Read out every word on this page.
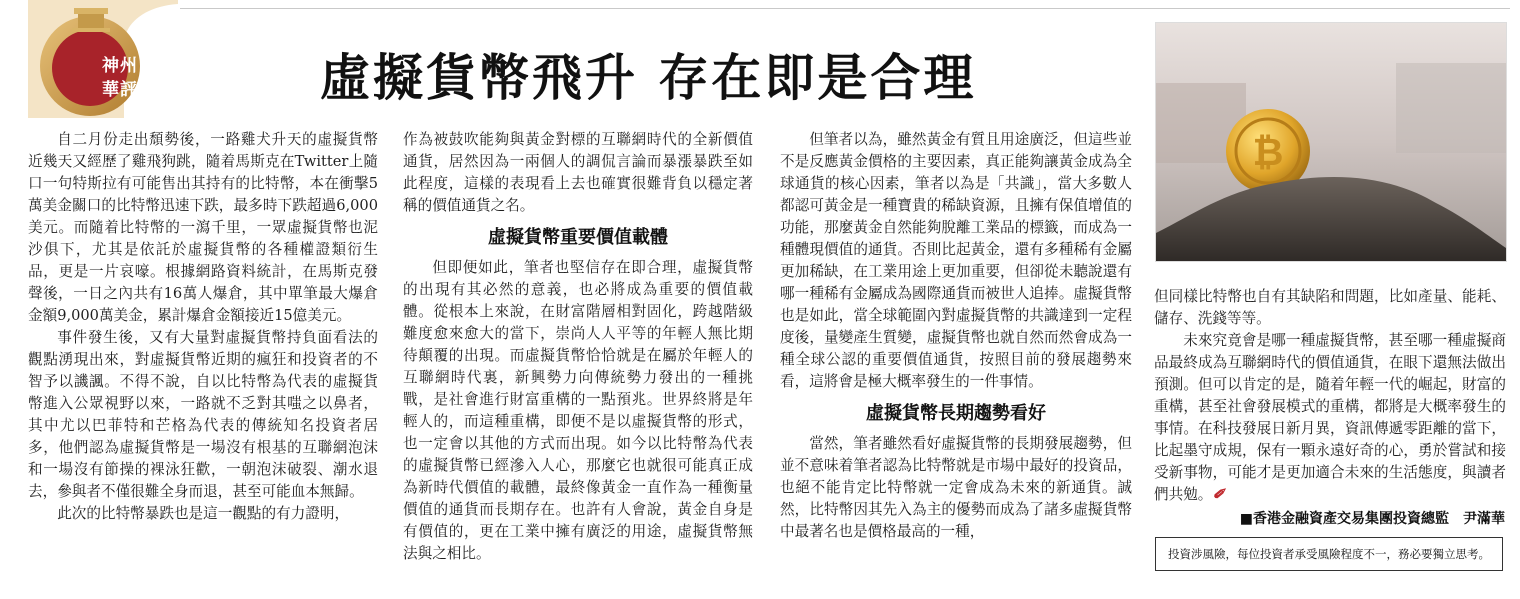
神州
華評	虛擬貨幣飛升 存在即是合理

自二月份走出頹勢後，一路雞犬升天的虛擬貨幣近幾天又經歷了雞飛狗跳，隨着馬斯克在Twitter上隨口一句特斯拉有可能售出其持有的比特幣，本在衝擊5萬美金關口的比特幣迅速下跌，最多時下跌超過6,000美元。而隨着比特幣的一瀉千里，一眾虛擬貨幣也泥沙俱下，尤其是依託於虛擬貨幣的各種權證類衍生品，更是一片哀嚎。根據網路資料統計，在馬斯克發聲後，一日之內共有16萬人爆倉，其中單筆最大爆倉金額9,000萬美金，累計爆倉金額接近15億美元。

事件發生後，又有大量對虛擬貨幣持負面看法的觀點湧現出來，對虛擬貨幣近期的瘋狂和投資者的不智予以譏諷。不得不說，自以比特幣為代表的虛擬貨幣進入公眾視野以來，一路就不乏對其嗤之以鼻者，其中尤以巴菲特和芒格為代表的傳統知名投資者居多，他們認為虛擬貨幣是一場沒有根基的互聯網泡沫和一場沒有節操的裸泳狂歡，一朝泡沫破裂、潮水退去，參與者不僅很難全身而退，甚至可能血本無歸。

此次的比特幣暴跌也是這一觀點的有力證明，

作為被鼓吹能夠與黃金對標的互聯網時代的全新價值通貨，居然因為一兩個人的調侃言論而暴漲暴跌至如此程度，這樣的表現看上去也確實很難背負以穩定著稱的價值通貨之名。

虛擬貨幣重要價值載體

但即便如此，筆者也堅信存在即合理，虛擬貨幣的出現有其必然的意義，也必將成為重要的價值載體。從根本上來說，在財富階層相對固化，跨越階級難度愈來愈大的當下，崇尚人人平等的年輕人無比期待顛覆的出現。而虛擬貨幣恰恰就是在屬於年輕人的互聯網時代裏，新興勢力向傳統勢力發出的一種挑戰，是社會進行財富重構的一點預兆。世界終將是年輕人的，而這種重構，即便不是以虛擬貨幣的形式，也一定會以其他的方式而出現。如今以比特幣為代表的虛擬貨幣已經滲入人心，那麼它也就很可能真正成為新時代價值的載體，最終像黃金一直作為一種衡量價值的通貨而長期存在。也許有人會說，黃金自身是有價值的，更在工業中擁有廣泛的用途，虛擬貨幣無法與之相比。

但筆者以為，雖然黃金有質且用途廣泛，但這些並不是反應黃金價格的主要因素，真正能夠讓黃金成為全球通貨的核心因素，筆者以為是「共識」，當大多數人都認可黃金是一種寶貴的稀缺資源，且擁有保值增值的功能，那麼黃金自然能夠脫離工業品的標籤，而成為一種體現價值的通貨。否則比起黃金，還有多種稀有金屬更加稀缺，在工業用途上更加重要，但卻從未聽說還有哪一種稀有金屬成為國際通貨而被世人追捧。虛擬貨幣也是如此，當全球範圍內對虛擬貨幣的共識達到一定程度後，量變產生質變，虛擬貨幣也就自然而然會成為一種全球公認的重要價值通貨，按照目前的發展趨勢來看，這將會是極大概率發生的一件事情。

虛擬貨幣長期趨勢看好

當然，筆者雖然看好虛擬貨幣的長期發展趨勢，但並不意味着筆者認為比特幣就是市場中最好的投資品，也絕不能肯定比特幣就一定會成為未來的新通貨。誠然，比特幣因其先入為主的優勢而成為了諸多虛擬貨幣中最著名也是價格最高的一種，

₿

但同樣比特幣也自有其缺陷和問題，比如產量、能耗、儲存、洗錢等等。

未來究竟會是哪一種虛擬貨幣，甚至哪一種虛擬商品最終成為互聯網時代的價值通貨，在眼下還無法做出預測。但可以肯定的是，隨着年輕一代的崛起，財富的重構，甚至社會發展模式的重構，都將是大概率發生的事情。在科技發展日新月異，資訊傳遞零距離的當下，比起墨守成規，保有一顆永遠好奇的心，勇於嘗試和接受新事物，可能才是更加適合未來的生活態度，與讀者們共勉。✐

■香港金融資產交易集團投資總監　尹滿華
投資涉風險，每位投資者承受風險程度不一，務必要獨立思考。
